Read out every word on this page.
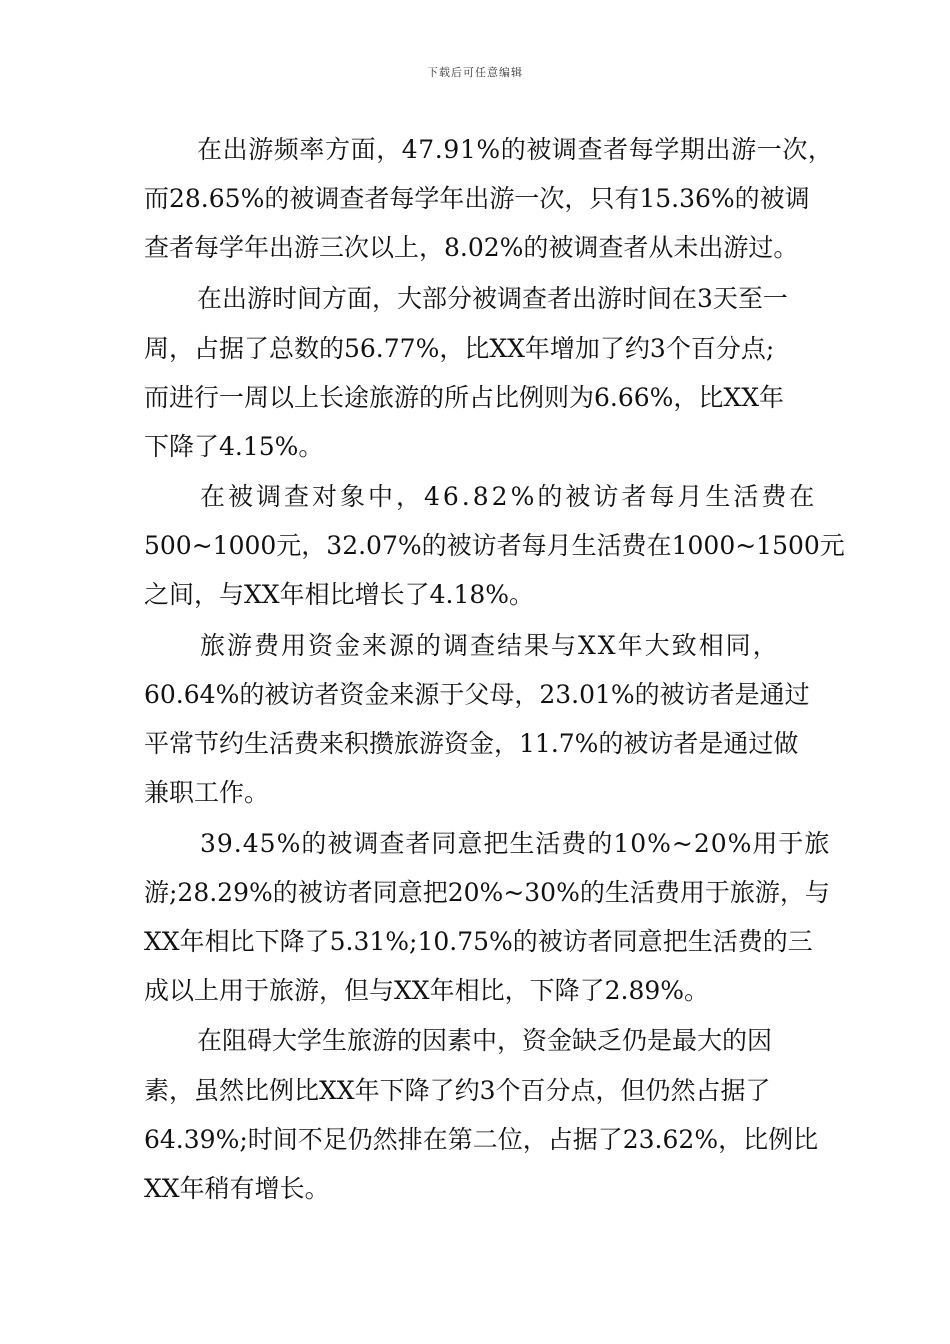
下载后可任意编辑
在出游频率方面，47.91%的被调查者每学期出游一次，
而28.65%的被调查者每学年出游一次，只有15.36%的被调
查者每学年出游三次以上，8.02%的被调查者从未出游过。
在出游时间方面，大部分被调查者出游时间在3天至一
周，占据了总数的56.77%，比XX年增加了约3个百分点;
而进行一周以上长途旅游的所占比例则为6.66%，比XX年
下降了4.15%。
在被调查对象中，46.82%的被访者每月生活费在
500~1000元，32.07%的被访者每月生活费在1000~1500元
之间，与XX年相比增长了4.18%。
旅游费用资金来源的调查结果与XX年大致相同，
60.64%的被访者资金来源于父母，23.01%的被访者是通过
平常节约生活费来积攒旅游资金，11.7%的被访者是通过做
兼职工作。
39.45%的被调查者同意把生活费的10%~20%用于旅
游;28.29%的被访者同意把20%~30%的生活费用于旅游，与
XX年相比下降了5.31%;10.75%的被访者同意把生活费的三
成以上用于旅游，但与XX年相比，下降了2.89%。
在阻碍大学生旅游的因素中，资金缺乏仍是最大的因
素，虽然比例比XX年下降了约3个百分点，但仍然占据了
64.39%;时间不足仍然排在第二位，占据了23.62%，比例比
XX年稍有增长。
